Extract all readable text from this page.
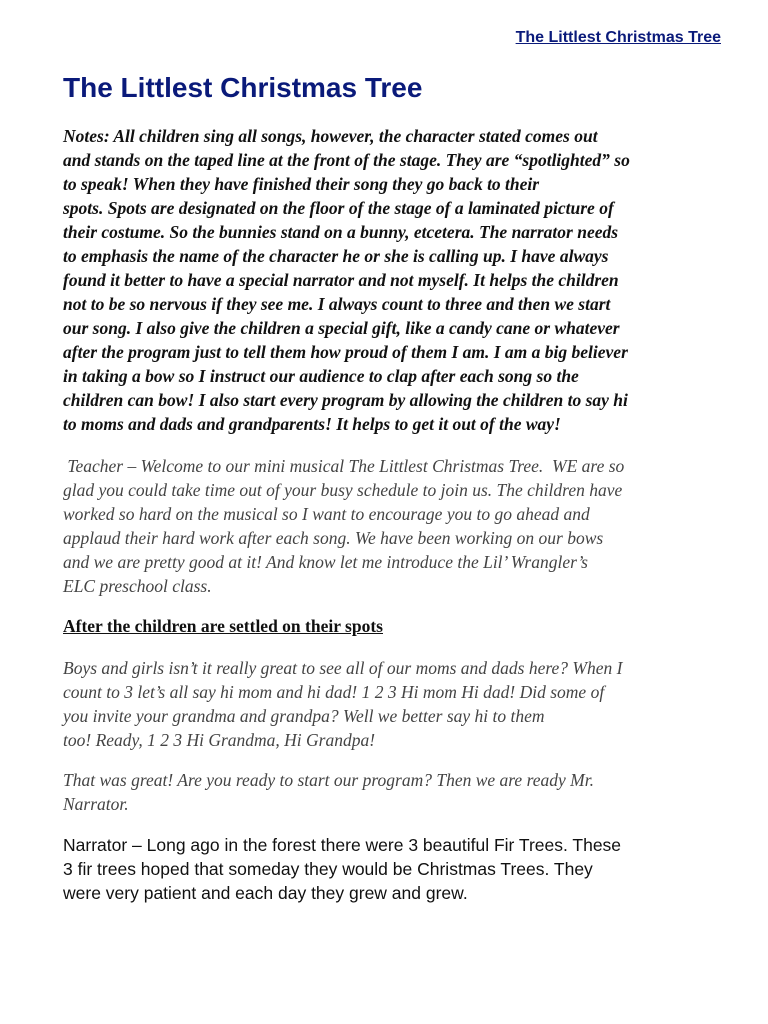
The Littlest Christmas Tree
The Littlest Christmas Tree

Notes: All children sing all songs, however, the character stated comes out
and stands on the taped line at the front of the stage. They are “spotlighted” so
to speak! When they have finished their song they go back to their
spots. Spots are designated on the floor of the stage of a laminated picture of
their costume. So the bunnies stand on a bunny, etcetera. The narrator needs
to emphasis the name of the character he or she is calling up. I have always
found it better to have a special narrator and not myself. It helps the children
not to be so nervous if they see me. I always count to three and then we start
our song. I also give the children a special gift, like a candy cane or whatever
after the program just to tell them how proud of them I am. I am a big believer
in taking a bow so I instruct our audience to clap after each song so the
children can bow! I also start every program by allowing the children to say hi
to moms and dads and grandparents! It helps to get it out of the way!

Teacher – Welcome to our mini musical The Littlest Christmas Tree.  WE are so
glad you could take time out of your busy schedule to join us. The children have
worked so hard on the musical so I want to encourage you to go ahead and
applaud their hard work after each song. We have been working on our bows
and we are pretty good at it! And know let me introduce the Lil’ Wrangler’s
ELC preschool class.

After the children are settled on their spots

Boys and girls isn’t it really great to see all of our moms and dads here? When I
count to 3 let’s all say hi mom and hi dad! 1 2 3 Hi mom Hi dad! Did some of
you invite your grandma and grandpa? Well we better say hi to them
too! Ready, 1 2 3 Hi Grandma, Hi Grandpa!

That was great! Are you ready to start our program? Then we are ready Mr.
Narrator.

Narrator – Long ago in the forest there were 3 beautiful Fir Trees. These
3 fir trees hoped that someday they would be Christmas Trees. They
were very patient and each day they grew and grew.
